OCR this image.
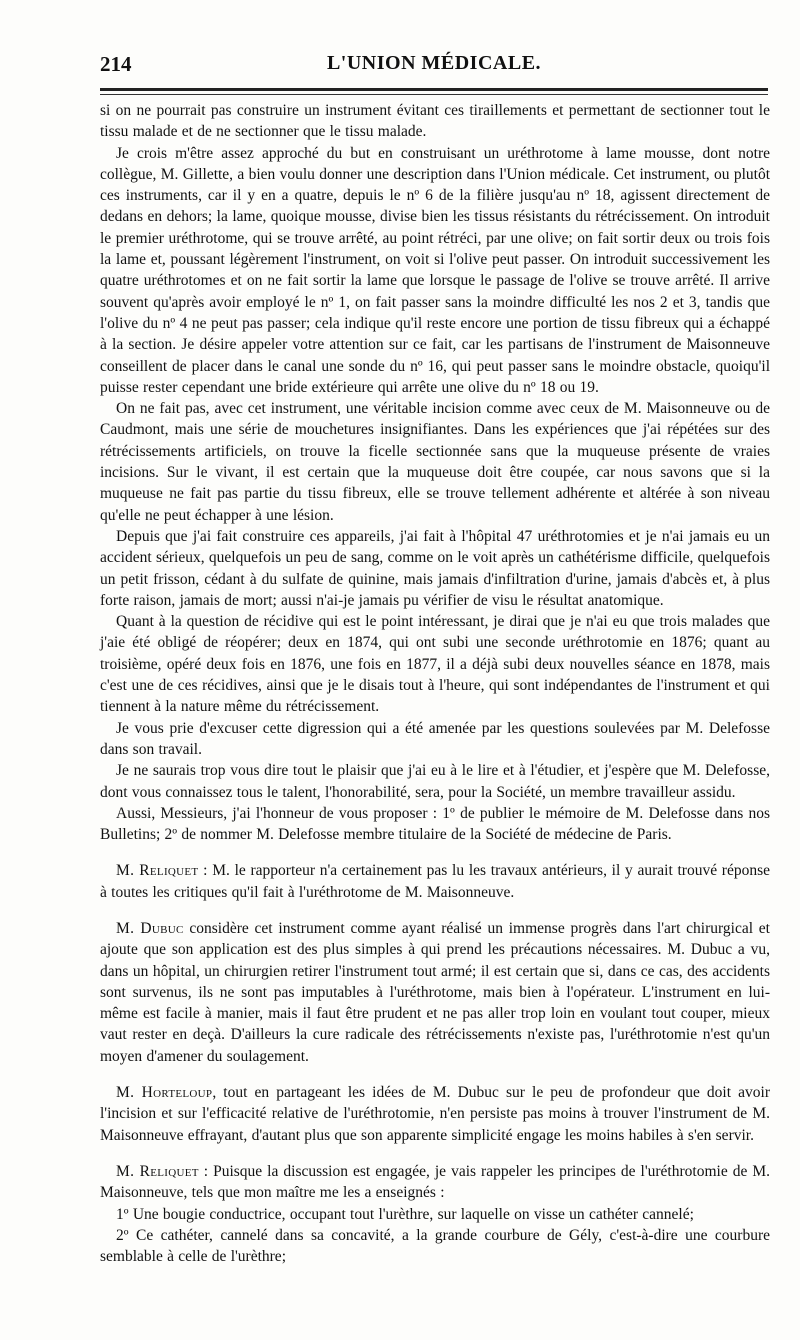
214	L'UNION MÉDICALE.

si on ne pourrait pas construire un instrument évitant ces tiraillements et permettant de sectionner tout le tissu malade et de ne sectionner que le tissu malade.

Je crois m'être assez approché du but en construisant un uréthrotome à lame mousse, dont notre collègue, M. Gillette, a bien voulu donner une description dans l'Union médicale. Cet instrument, ou plutôt ces instruments, car il y en a quatre, depuis le nº 6 de la filière jusqu'au nº 18, agissent directement de dedans en dehors; la lame, quoique mousse, divise bien les tissus résistants du rétrécissement. On introduit le premier uréthrotome, qui se trouve arrêté, au point rétréci, par une olive; on fait sortir deux ou trois fois la lame et, poussant légèrement l'instrument, on voit si l'olive peut passer. On introduit successivement les quatre uréthrotomes et on ne fait sortir la lame que lorsque le passage de l'olive se trouve arrêté. Il arrive souvent qu'après avoir employé le nº 1, on fait passer sans la moindre difficulté les nos 2 et 3, tandis que l'olive du nº 4 ne peut pas passer; cela indique qu'il reste encore une portion de tissu fibreux qui a échappé à la section. Je désire appeler votre attention sur ce fait, car les partisans de l'instrument de Maisonneuve conseillent de placer dans le canal une sonde du nº 16, qui peut passer sans le moindre obstacle, quoiqu'il puisse rester cependant une bride extérieure qui arrête une olive du nº 18 ou 19.

On ne fait pas, avec cet instrument, une véritable incision comme avec ceux de M. Maisonneuve ou de Caudmont, mais une série de mouchetures insignifiantes. Dans les expériences que j'ai répétées sur des rétrécissements artificiels, on trouve la ficelle sectionnée sans que la muqueuse présente de vraies incisions. Sur le vivant, il est certain que la muqueuse doit être coupée, car nous savons que si la muqueuse ne fait pas partie du tissu fibreux, elle se trouve tellement adhérente et altérée à son niveau qu'elle ne peut échapper à une lésion.

Depuis que j'ai fait construire ces appareils, j'ai fait à l'hôpital 47 uréthrotomies et je n'ai jamais eu un accident sérieux, quelquefois un peu de sang, comme on le voit après un cathétérisme difficile, quelquefois un petit frisson, cédant à du sulfate de quinine, mais jamais d'infiltration d'urine, jamais d'abcès et, à plus forte raison, jamais de mort; aussi n'ai-je jamais pu vérifier de visu le résultat anatomique.

Quant à la question de récidive qui est le point intéressant, je dirai que je n'ai eu que trois malades que j'aie été obligé de réopérer; deux en 1874, qui ont subi une seconde uréthrotomie en 1876; quant au troisième, opéré deux fois en 1876, une fois en 1877, il a déjà subi deux nouvelles séance en 1878, mais c'est une de ces récidives, ainsi que je le disais tout à l'heure, qui sont indépendantes de l'instrument et qui tiennent à la nature même du rétrécissement.

Je vous prie d'excuser cette digression qui a été amenée par les questions soulevées par M. Delefosse dans son travail.

Je ne saurais trop vous dire tout le plaisir que j'ai eu à le lire et à l'étudier, et j'espère que M. Delefosse, dont vous connaissez tous le talent, l'honorabilité, sera, pour la Société, un membre travailleur assidu.

Aussi, Messieurs, j'ai l'honneur de vous proposer : 1º de publier le mémoire de M. Delefosse dans nos Bulletins; 2º de nommer M. Delefosse membre titulaire de la Société de médecine de Paris.

M. Reliquet : M. le rapporteur n'a certainement pas lu les travaux antérieurs, il y aurait trouvé réponse à toutes les critiques qu'il fait à l'uréthrotome de M. Maisonneuve.

M. Dubuc considère cet instrument comme ayant réalisé un immense progrès dans l'art chirurgical et ajoute que son application est des plus simples à qui prend les précautions nécessaires. M. Dubuc a vu, dans un hôpital, un chirurgien retirer l'instrument tout armé; il est certain que si, dans ce cas, des accidents sont survenus, ils ne sont pas imputables à l'uréthrotome, mais bien à l'opérateur. L'instrument en lui-même est facile à manier, mais il faut être prudent et ne pas aller trop loin en voulant tout couper, mieux vaut rester en deçà. D'ailleurs la cure radicale des rétrécissements n'existe pas, l'uréthrotomie n'est qu'un moyen d'amener du soulagement.

M. Horteloup, tout en partageant les idées de M. Dubuc sur le peu de profondeur que doit avoir l'incision et sur l'efficacité relative de l'uréthrotomie, n'en persiste pas moins à trouver l'instrument de M. Maisonneuve effrayant, d'autant plus que son apparente simplicité engage les moins habiles à s'en servir.

M. Reliquet : Puisque la discussion est engagée, je vais rappeler les principes de l'uréthrotomie de M. Maisonneuve, tels que mon maître me les a enseignés :

1º Une bougie conductrice, occupant tout l'urèthre, sur laquelle on visse un cathéter cannelé;

2º Ce cathéter, cannelé dans sa concavité, a la grande courbure de Gély, c'est-à-dire une courbure semblable à celle de l'urèthre;
